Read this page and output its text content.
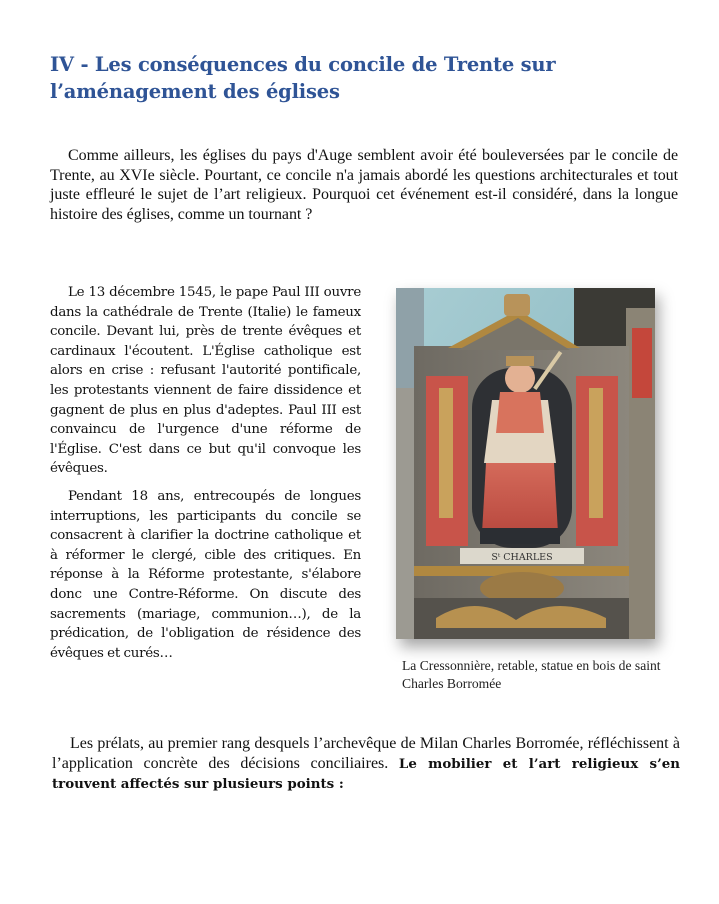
IV - Les conséquences du concile de Trente sur
l’aménagement des églises

Comme ailleurs, les églises du pays d'Auge semblent avoir été bouleversées par le concile de Trente, au XVIe siècle. Pourtant, ce concile n'a jamais abordé les questions architecturales et tout juste effleuré le sujet de l’art religieux. Pourquoi cet événement est-il considéré, dans la longue histoire des églises, comme un tournant ?

Le 13 décembre 1545, le pape Paul III ouvre dans la cathédrale de Trente (Italie) le fameux concile. Devant lui, près de trente évêques et cardinaux l'écoutent. L'Église catholique est alors en crise : refusant l'autorité pontificale, les protestants viennent de faire dissidence et gagnent de plus en plus d'adeptes. Paul III est convaincu de l'urgence d'une réforme de l'Église. C'est dans ce but qu'il convoque les évêques.

Pendant 18 ans, entrecoupés de longues interruptions, les participants du concile se consacrent à clarifier la doctrine catholique et à réformer le clergé, cible des critiques. En réponse à la Réforme protestante, s'élabore donc une Contre-Réforme. On discute des sacrements (mariage, communion…), de la prédication, de l'obligation de résidence des évêques et curés…

Sᵗ CHARLES
La Cressonnière, retable, statue en bois de saint Charles Borromée

Les prélats, au premier rang desquels l’archevêque de Milan Charles Borromée, réfléchissent à l’application concrète des décisions conciliaires. Le mobilier et l’art religieux s’en trouvent affectés sur plusieurs points :
